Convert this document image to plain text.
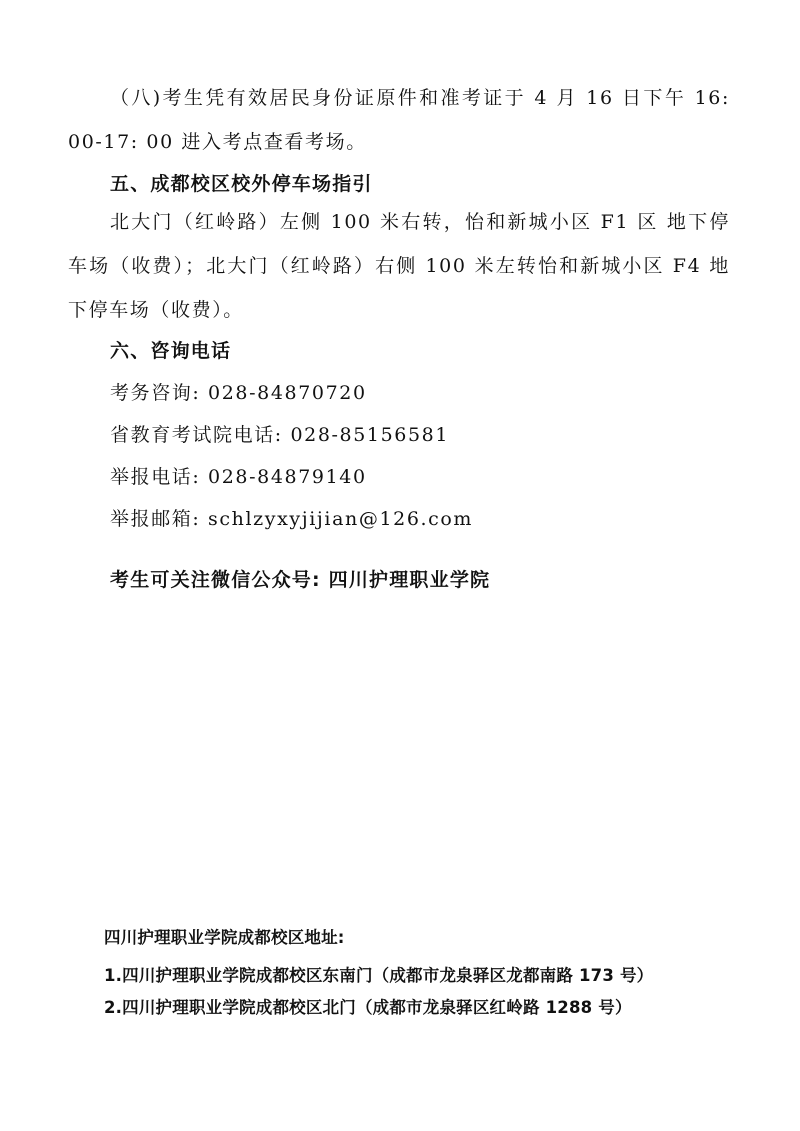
（八)考生凭有效居民身份证原件和准考证于 4 月 16 日下午 16: 00-17: 00 进入考点查看考场。
五、成都校区校外停车场指引
北大门（红岭路）左侧 100 米右转，怡和新城小区 F1 区 地下停车场（收费）；北大门（红岭路）右侧 100 米左转怡和新城小区 F4 地下停车场（收费）。
六、咨询电话
考务咨询: 028-84870720
省教育考试院电话: 028-85156581
举报电话: 028-84879140
举报邮箱: schlzyxyjijian@126.com
考生可关注微信公众号: 四川护理职业学院
四川护理职业学院成都校区地址:
1.四川护理职业学院成都校区东南门（成都市龙泉驿区龙都南路 173 号）
2.四川护理职业学院成都校区北门（成都市龙泉驿区红岭路 1288 号）
